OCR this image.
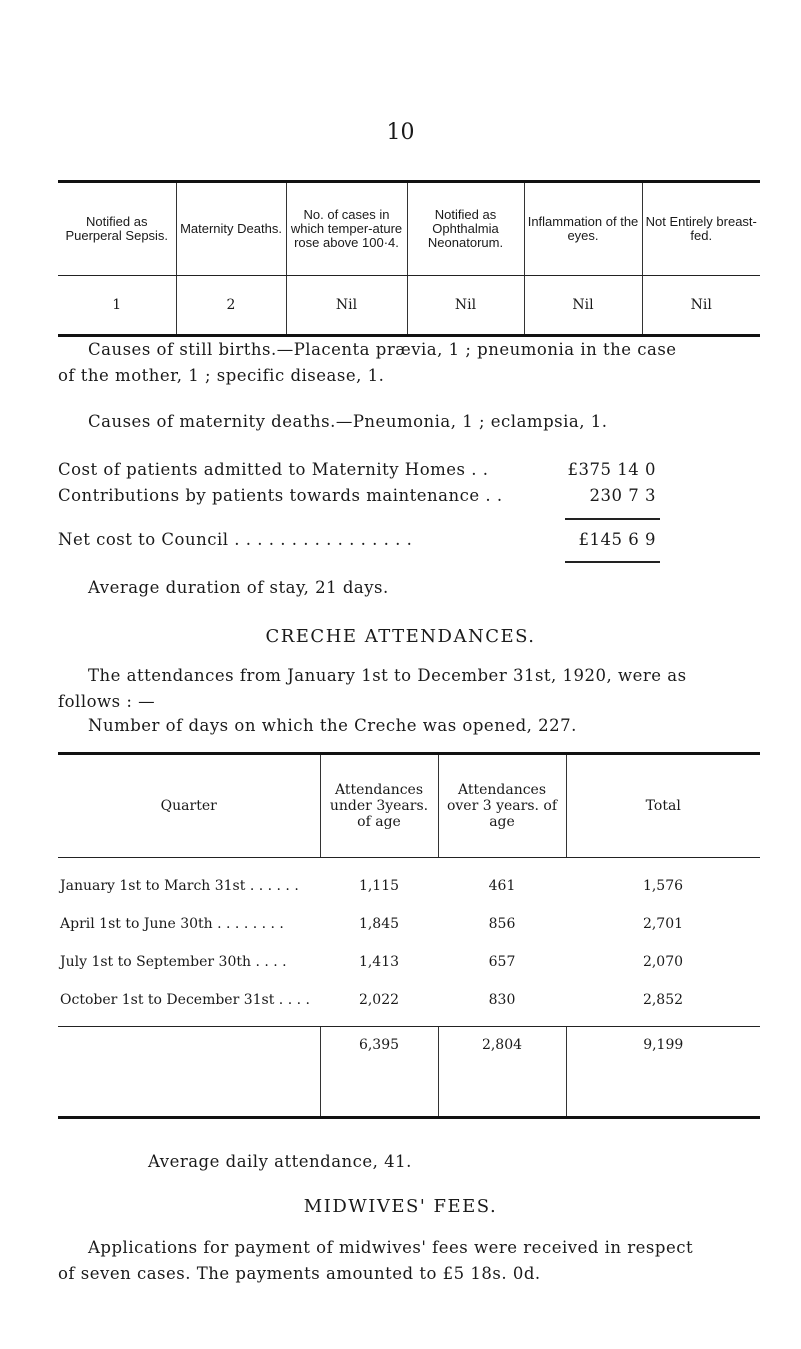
10
Notified as Puerperal Sepsis.	Maternity Deaths.	No. of cases in which temper-ature rose above 100·4.	Notified as Ophthalmia Neonatorum.	Inflammation of the eyes.	Not Entirely breast-fed.
1	2	Nil	Nil	Nil	Nil
Causes of still births.—Placenta prævia, 1 ; pneumonia in the case
of the mother, 1 ; specific disease, 1.
Causes of maternity deaths.—Pneumonia, 1 ; eclampsia, 1.
Cost of patients admitted to Maternity Homes . .	£375 14 0
Contributions by patients towards maintenance . .	230 7 3
Net cost to Council . . . . . . . . . . . . . . . .	£145 6 9
Average duration of stay, 21 days.
CRECHE ATTENDANCES.
The attendances from January 1st to December 31st, 1920, were as
follows : —
Number of days on which the Creche was opened, 227.
Quarter	Attendances under 3years. of age	Attendances over 3 years. of age	Total
January 1st to March 31st . . . . . .	1,115	461	1,576
April 1st to June 30th . . . . . . . .	1,845	856	2,701
July 1st to September 30th . . . .	1,413	657	2,070
October 1st to December 31st . . . .	2,022	830	2,852
	6,395	2,804	9,199
Average daily attendance, 41.
MIDWIVES' FEES.
Applications for payment of midwives' fees were received in respect
of seven cases. The payments amounted to £5 18s. 0d.
